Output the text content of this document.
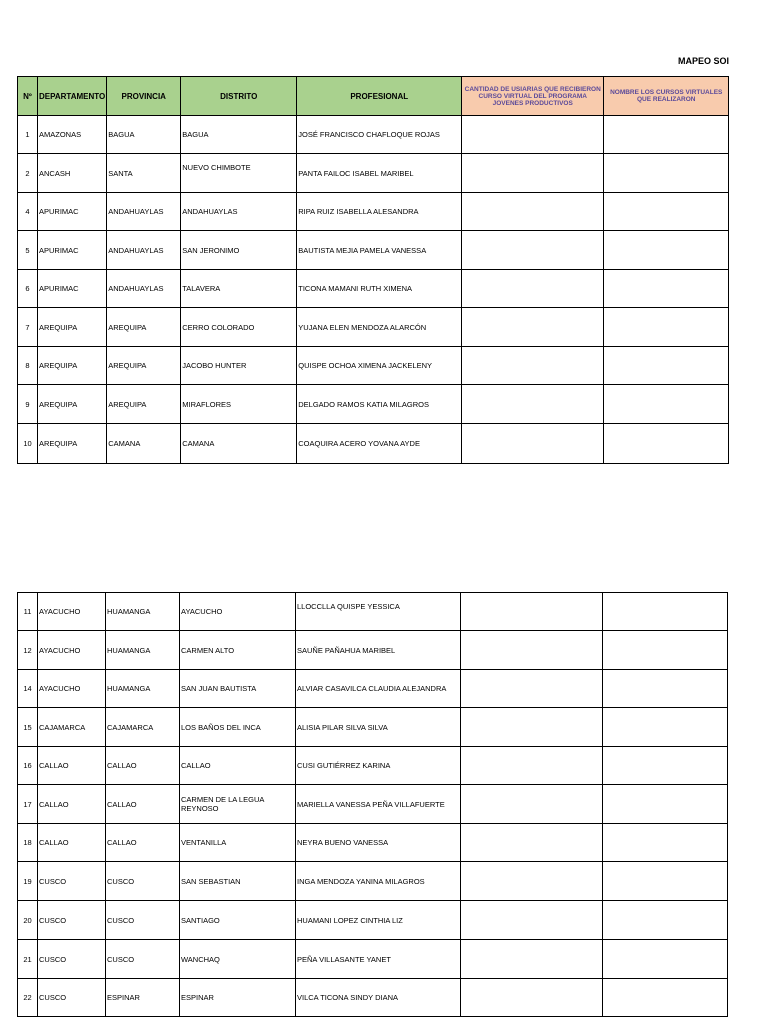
MAPEO SOI
Nº	DEPARTAMENTO	PROVINCIA	DISTRITO	PROFESIONAL	CANTIDAD DE USIARIAS QUE RECIBIERON CURSO VIRTUAL DEL PROGRAMA JOVENES PRODUCTIVOS	NOMBRE LOS CURSOS VIRTUALES QUE REALIZARON
1	AMAZONAS	BAGUA	BAGUA	JOSÉ FRANCISCO CHAFLOQUE ROJAS		
2	ANCASH	SANTA	NUEVO CHIMBOTE	PANTA FAILOC ISABEL MARIBEL		
4	APURIMAC	ANDAHUAYLAS	ANDAHUAYLAS	RIPA RUIZ ISABELLA ALESANDRA		
5	APURIMAC	ANDAHUAYLAS	SAN JERONIMO	BAUTISTA MEJIA PAMELA VANESSA		
6	APURIMAC	ANDAHUAYLAS	TALAVERA	TICONA MAMANI RUTH XIMENA		
7	AREQUIPA	AREQUIPA	CERRO COLORADO	YUJANA ELEN MENDOZA ALARCÓN		
8	AREQUIPA	AREQUIPA	JACOBO HUNTER	QUISPE OCHOA XIMENA JACKELENY		
9	AREQUIPA	AREQUIPA	MIRAFLORES	DELGADO RAMOS KATIA MILAGROS		
10	AREQUIPA	CAMANA	CAMANA	COAQUIRA ACERO YOVANA AYDE		
11	AYACUCHO	HUAMANGA	AYACUCHO	LLOCCLLA QUISPE YESSICA		
12	AYACUCHO	HUAMANGA	CARMEN ALTO	SAUÑE PAÑAHUA MARIBEL		
14	AYACUCHO	HUAMANGA	SAN JUAN BAUTISTA	ALVIAR CASAVILCA CLAUDIA ALEJANDRA		
15	CAJAMARCA	CAJAMARCA	LOS BAÑOS DEL INCA	ALISIA PILAR SILVA SILVA		
16	CALLAO	CALLAO	CALLAO	CUSI GUTIÉRREZ KARINA		
17	CALLAO	CALLAO	CARMEN DE LA LEGUA REYNOSO	MARIELLA VANESSA PEÑA VILLAFUERTE		
18	CALLAO	CALLAO	VENTANILLA	NEYRA BUENO VANESSA		
19	CUSCO	CUSCO	SAN SEBASTIAN	INGA MENDOZA YANINA MILAGROS		
20	CUSCO	CUSCO	SANTIAGO	HUAMANI LOPEZ CINTHIA LIZ		
21	CUSCO	CUSCO	WANCHAQ	PEÑA VILLASANTE YANET		
22	CUSCO	ESPINAR	ESPINAR	VILCA TICONA SINDY DIANA		
